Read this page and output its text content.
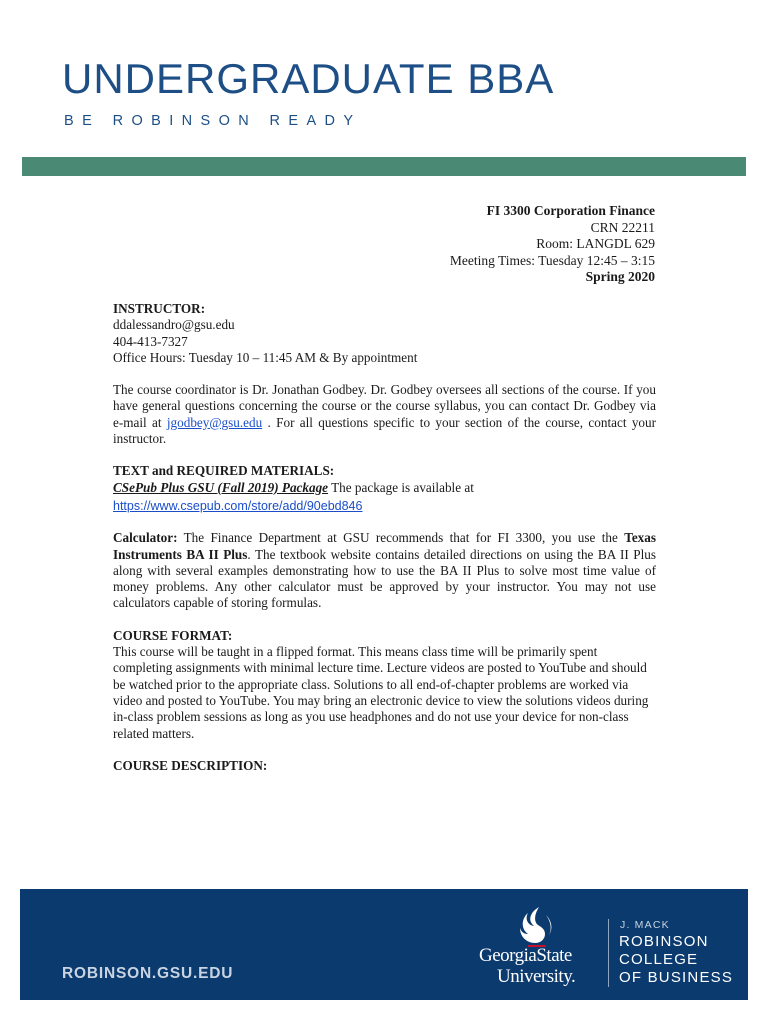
UNDERGRADUATE BBA
BE ROBINSON READY
FI 3300 Corporation Finance
CRN 22211
Room: LANGDL 629
Meeting Times: Tuesday 12:45 – 3:15
Spring 2020

INSTRUCTOR:

ddalessandro@gsu.edu

404-413-7327

Office Hours: Tuesday 10 – 11:45 AM & By appointment

The course coordinator is Dr. Jonathan Godbey. Dr. Godbey oversees all sections of the course. If you have general questions concerning the course or the course syllabus, you can contact Dr. Godbey via e-mail at jgodbey@gsu.edu . For all questions specific to your section of the course, contact your instructor.

TEXT and REQUIRED MATERIALS:

CSePub Plus GSU (Fall 2019) Package The package is available at

https://www.csepub.com/store/add/90ebd846

Calculator: The Finance Department at GSU recommends that for FI 3300, you use the Texas Instruments BA II Plus. The textbook website contains detailed directions on using the BA II Plus along with several examples demonstrating how to use the BA II Plus to solve most time value of money problems. Any other calculator must be approved by your instructor. You may not use calculators capable of storing formulas.

COURSE FORMAT:

This course will be taught in a flipped format. This means class time will be primarily spent completing assignments with minimal lecture time. Lecture videos are posted to YouTube and should be watched prior to the appropriate class. Solutions to all end-of-chapter problems are worked via video and posted to YouTube. You may bring an electronic device to view the solutions videos during in-class problem sessions as long as you use headphones and do not use your device for non-class related matters.

COURSE DESCRIPTION:

ROBINSON.GSU.EDU
GeorgiaState
University.
J. MACK
ROBINSON
COLLEGE
OF BUSINESS
